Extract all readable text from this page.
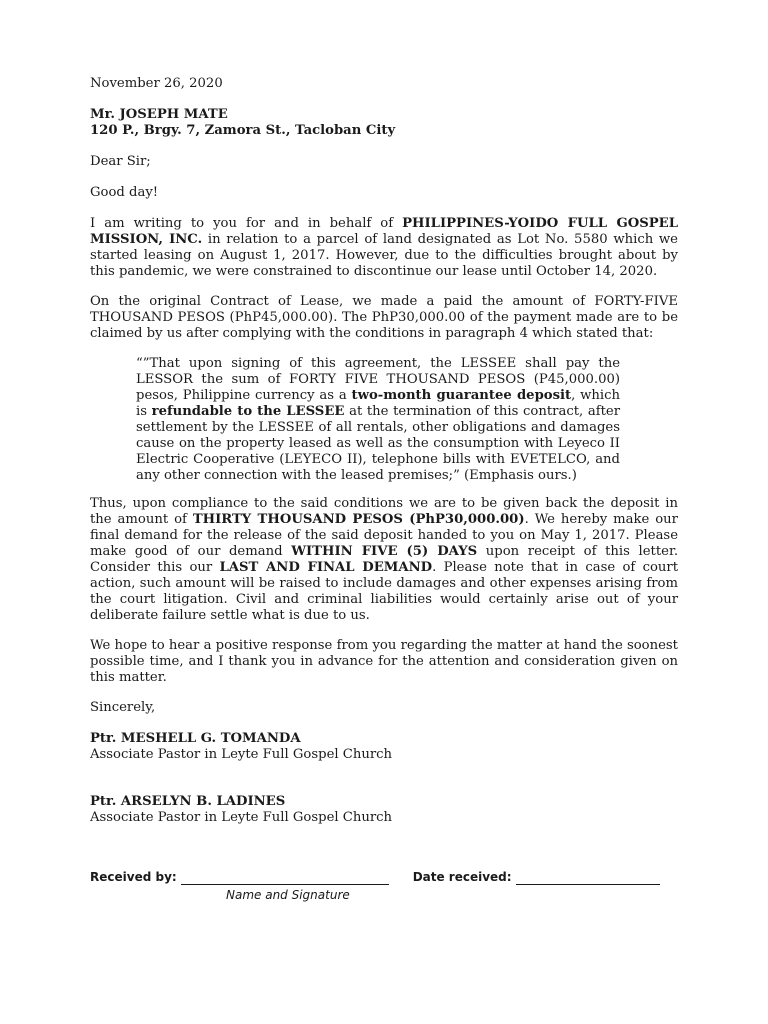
November 26, 2020

Mr. JOSEPH MATE

120 P., Brgy. 7, Zamora St., Tacloban City

Dear Sir;

Good day!

I am writing to you for and in behalf of PHILIPPINES-YOIDO FULL GOSPEL MISSION, INC. in relation to a parcel of land designated as Lot No. 5580 which we started leasing on August 1, 2017. However, due to the difficulties brought about by this pandemic, we were constrained to discontinue our lease until October 14, 2020.

On the original Contract of Lease, we made a paid the amount of FORTY-FIVE THOUSAND PESOS (PhP45,000.00). The PhP30,000.00 of the payment made are to be claimed by us after complying with the conditions in paragraph 4 which stated that:

“”That upon signing of this agreement, the LESSEE shall pay the LESSOR the sum of FORTY FIVE THOUSAND PESOS (P45,000.00) pesos, Philippine currency as a two-month guarantee deposit, which is refundable to the LESSEE at the termination of this contract, after settlement by the LESSEE of all rentals, other obligations and damages cause on the property leased as well as the consumption with Leyeco II Electric Cooperative (LEYECO II), telephone bills with EVETELCO, and any other connection with the leased premises;” (Emphasis ours.)

Thus, upon compliance to the said conditions we are to be given back the deposit in the amount of THIRTY THOUSAND PESOS (PhP30,000.00). We hereby make our final demand for the release of the said deposit handed to you on May 1, 2017. Please make good of our demand WITHIN FIVE (5) DAYS upon receipt of this letter. Consider this our LAST AND FINAL DEMAND. Please note that in case of court action, such amount will be raised to include damages and other expenses arising from the court litigation. Civil and criminal liabilities would certainly arise out of your deliberate failure settle what is due to us.

We hope to hear a positive response from you regarding the matter at hand the soonest possible time, and I thank you in advance for the attention and consideration given on this matter.

Sincerely,

Ptr. MESHELL G. TOMANDA

Associate Pastor in Leyte Full Gospel Church

Ptr. ARSELYN B. LADINES

Associate Pastor in Leyte Full Gospel Church

Received by:	Date received:
Name and Signature
